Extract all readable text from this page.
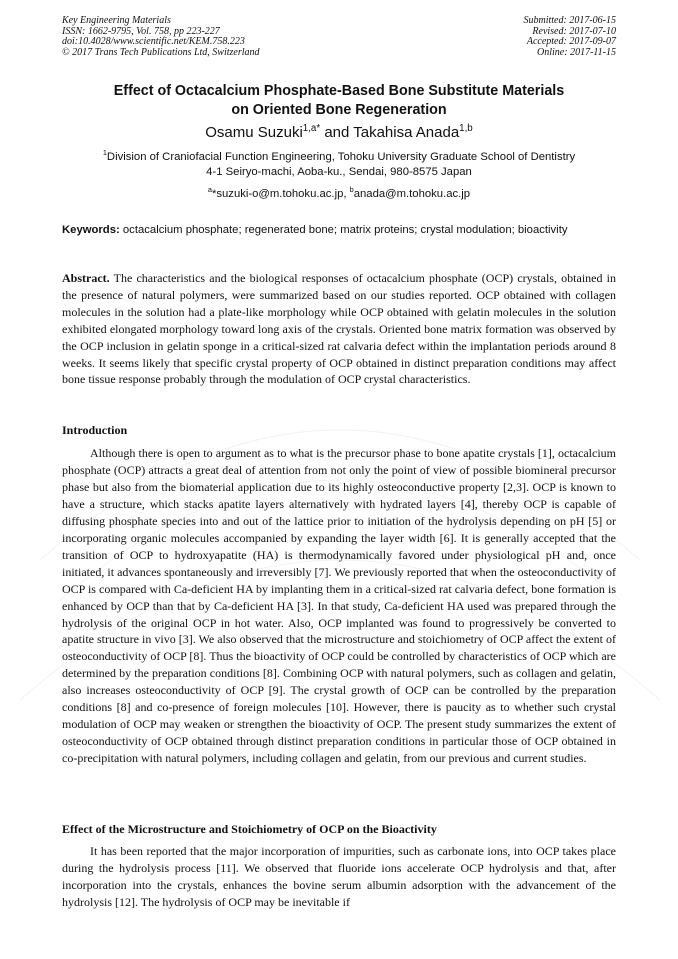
Key Engineering Materials
ISSN: 1662-9795, Vol. 758, pp 223-227
doi:10.4028/www.scientific.net/KEM.758.223
© 2017 Trans Tech Publications Ltd, Switzerland
Submitted: 2017-06-15
Revised: 2017-07-10
Accepted: 2017-09-07
Online: 2017-11-15
Effect of Octacalcium Phosphate-Based Bone Substitute Materials
on Oriented Bone Regeneration
Osamu Suzuki$^{1,a*}$ and Takahisa Anada$^{1,b}$
$^1$Division of Craniofacial Function Engineering, Tohoku University Graduate School of Dentistry
4-1 Seiryo-machi, Aoba-ku., Sendai, 980-8575 Japan
$^a$*suzuki-o@m.tohoku.ac.jp, $^b$anada@m.tohoku.ac.jp
Keywords: octacalcium phosphate; regenerated bone; matrix proteins; crystal modulation; bioactivity
Abstract. The characteristics and the biological responses of octacalcium phosphate (OCP) crystals, obtained in the presence of natural polymers, were summarized based on our studies reported. OCP obtained with collagen molecules in the solution had a plate-like morphology while OCP obtained with gelatin molecules in the solution exhibited elongated morphology toward long axis of the crystals. Oriented bone matrix formation was observed by the OCP inclusion in gelatin sponge in a critical-sized rat calvaria defect within the implantation periods around 8 weeks. It seems likely that specific crystal property of OCP obtained in distinct preparation conditions may affect bone tissue response probably through the modulation of OCP crystal characteristics.
Introduction
Although there is open to argument as to what is the precursor phase to bone apatite crystals [1], octacalcium phosphate (OCP) attracts a great deal of attention from not only the point of view of possible biomineral precursor phase but also from the biomaterial application due to its highly osteoconductive property [2,3]. OCP is known to have a structure, which stacks apatite layers alternatively with hydrated layers [4], thereby OCP is capable of diffusing phosphate species into and out of the lattice prior to initiation of the hydrolysis depending on pH [5] or incorporating organic molecules accompanied by expanding the layer width [6]. It is generally accepted that the transition of OCP to hydroxyapatite (HA) is thermodynamically favored under physiological pH and, once initiated, it advances spontaneously and irreversibly [7]. We previously reported that when the osteoconductivity of OCP is compared with Ca-deficient HA by implanting them in a critical-sized rat calvaria defect, bone formation is enhanced by OCP than that by Ca-deficient HA [3]. In that study, Ca-deficient HA used was prepared through the hydrolysis of the original OCP in hot water. Also, OCP implanted was found to progressively be converted to apatite structure in vivo [3]. We also observed that the microstructure and stoichiometry of OCP affect the extent of osteoconductivity of OCP [8]. Thus the bioactivity of OCP could be controlled by characteristics of OCP which are determined by the preparation conditions [8]. Combining OCP with natural polymers, such as collagen and gelatin, also increases osteoconductivity of OCP [9]. The crystal growth of OCP can be controlled by the preparation conditions [8] and co-presence of foreign molecules [10]. However, there is paucity as to whether such crystal modulation of OCP may weaken or strengthen the bioactivity of OCP. The present study summarizes the extent of osteoconductivity of OCP obtained through distinct preparation conditions in particular those of OCP obtained in co-precipitation with natural polymers, including collagen and gelatin, from our previous and current studies.
Effect of the Microstructure and Stoichiometry of OCP on the Bioactivity
It has been reported that the major incorporation of impurities, such as carbonate ions, into OCP takes place during the hydrolysis process [11]. We observed that fluoride ions accelerate OCP hydrolysis and that, after incorporation into the crystals, enhances the bovine serum albumin adsorption with the advancement of the hydrolysis [12]. The hydrolysis of OCP may be inevitable if
